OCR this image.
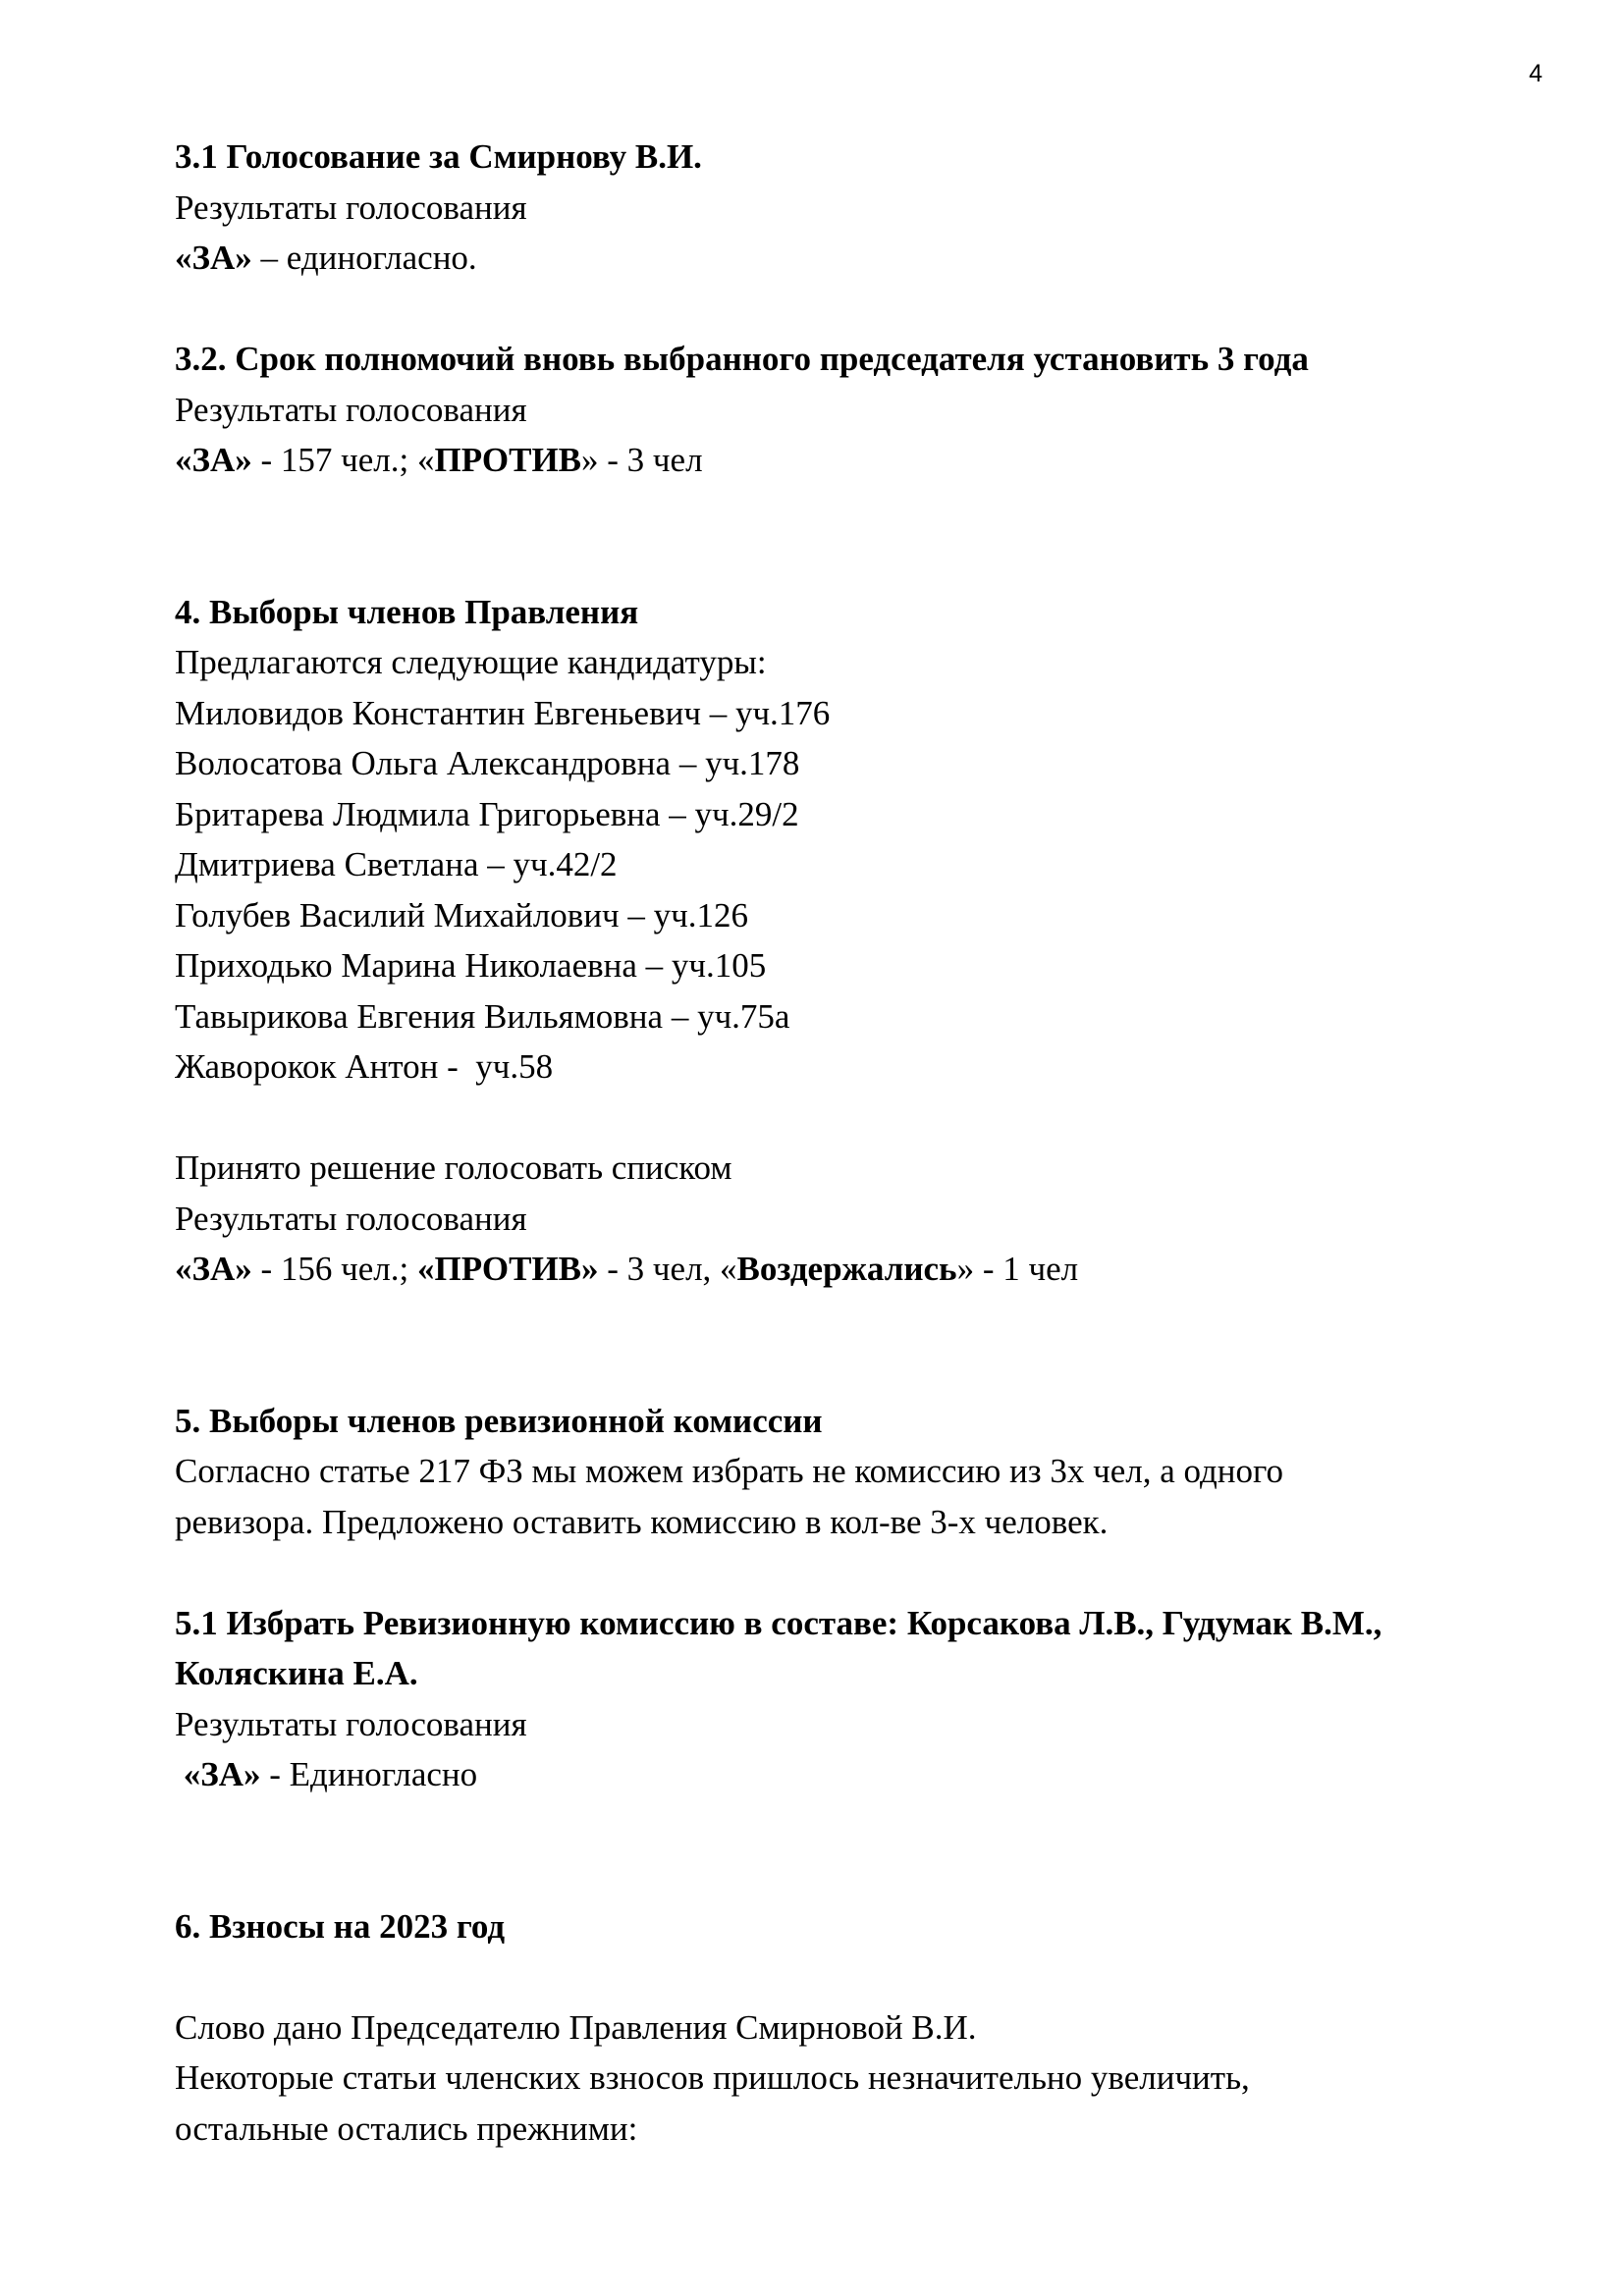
4

3.1 Голосование за Смирнову В.И.

Результаты голосования

«ЗА» – единогласно.

3.2. Срок полномочий вновь выбранного председателя установить 3 года

Результаты голосования

«ЗА» - 157 чел.; «ПРОТИВ» - 3 чел

4. Выборы членов Правления

Предлагаются следующие кандидатуры:

Миловидов Константин Евгеньевич – уч.176

Волосатова Ольга Александровна – уч.178

Бритарева Людмила Григорьевна – уч.29/2

Дмитриева Светлана – уч.42/2

Голубев Василий Михайлович – уч.126

Приходько Марина Николаевна – уч.105

Тавырикова Евгения Вильямовна – уч.75а

Жаворокок Антон -  уч.58

Принято решение голосовать списком

Результаты голосования

«ЗА» - 156 чел.; «ПРОТИВ» - 3 чел, «Воздержались» - 1 чел

5. Выборы членов ревизионной комиссии

Согласно статье 217 ФЗ мы можем избрать не комиссию из 3х чел, а одного

ревизора. Предложено оставить комиссию в кол-ве 3-х человек.

5.1 Избрать Ревизионную комиссию в составе: Корсакова Л.В., Гудумак В.М.,

Коляскина Е.А.

Результаты голосования

«ЗА» - Единогласно

6. Взносы на 2023 год

Слово дано Председателю Правления Смирновой В.И.

Некоторые статьи членских взносов пришлось незначительно увеличить,

остальные остались прежними:
